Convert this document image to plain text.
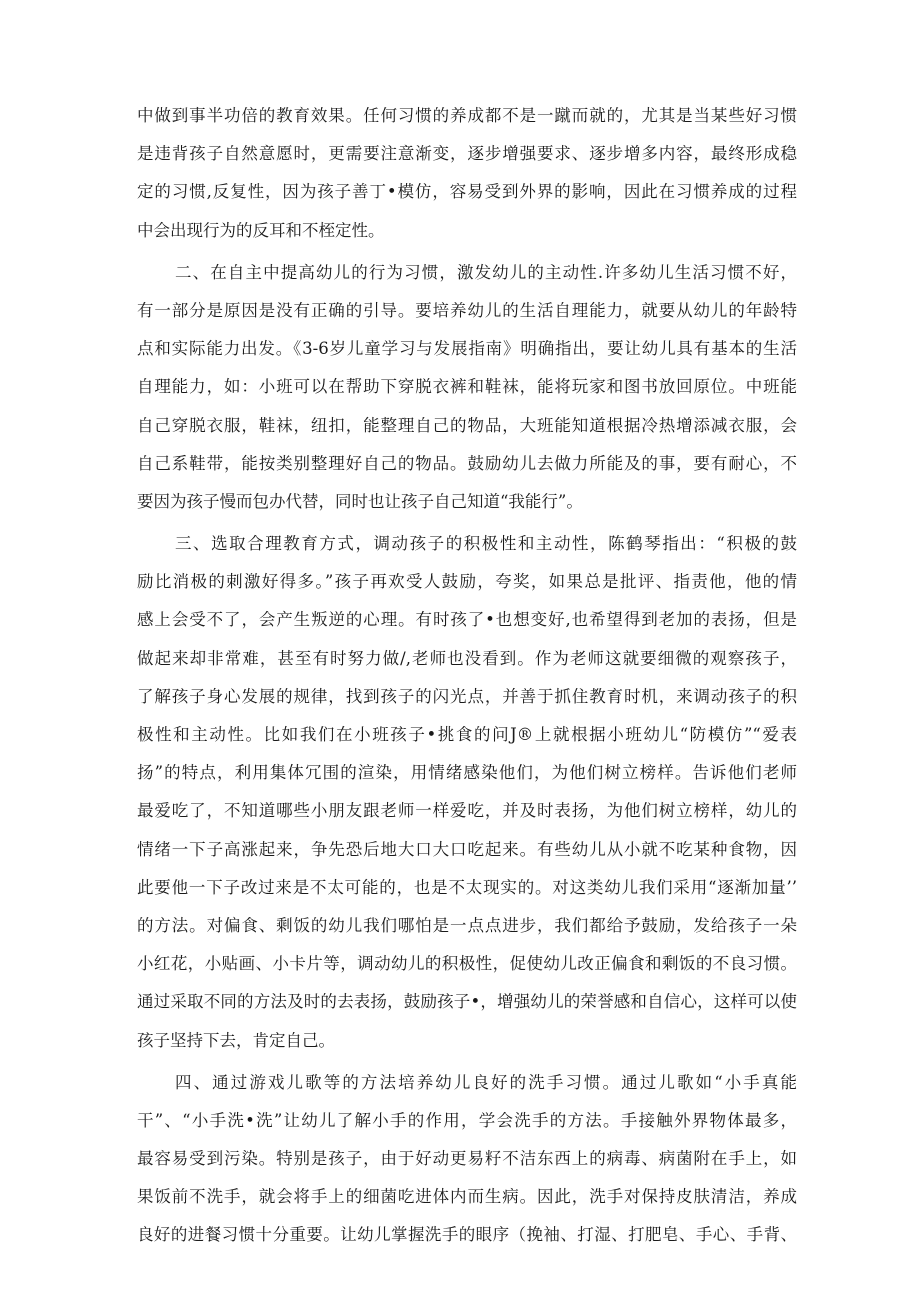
中做到事半功倍的教育效果。任何习惯的养成都不是一蹴而就的，尤其是当某些好习惯
是违背孩子自然意愿时，更需要注意渐变，逐步增强要求、逐步增多内容，最终形成稳
定的习惯,反复性，因为孩子善丁•模仿，容易受到外界的影响，因此在习惯养成的过程
中会出现行为的反耳和不桎定性。
二、在自主中提高幼儿的行为习惯，激发幼儿的主动性.许多幼儿生活习惯不好，
有一部分是原因是没有正确的引导。要培养幼儿的生活自理能力，就要从幼儿的年龄特
点和实际能力出发。《3-6岁儿童学习与发展指南》明确指出，要让幼儿具有基本的生活
自理能力，如：小班可以在帮助下穿脱衣裤和鞋袜，能将玩家和图书放回原位。中班能
自己穿脱衣服，鞋袜，纽扣，能整理自己的物品，大班能知道根据冷热增添减衣服，会
自己系鞋带，能按类别整理好自己的物品。鼓励幼儿去做力所能及的事，要有耐心，不
要因为孩子慢而包办代替，同时也让孩子自己知道“我能行”。
三、选取合理教育方式，调动孩子的积极性和主动性，陈鹤琴指出：“积极的鼓
励比消极的刺激好得多。”孩子再欢受人鼓励，夸奖，如果总是批评、指责他，他的情
感上会受不了，会产生叛逆的心理。有时孩了•也想变好,也希望得到老加的表扬，但是
做起来却非常难，甚至有时努力做/,老师也没看到。作为老师这就要细微的观察孩子，
了解孩子身心发展的规律，找到孩子的闪光点，并善于抓住教育时机，来调动孩子的积
极性和主动性。比如我们在小班孩子•挑食的问J®上就根据小班幼儿“防模仿”“爱表
扬”的特点，利用集体冗围的渲染，用情绪感染他们，为他们树立榜样。告诉他们老师
最爱吃了，不知道哪些小朋友跟老师一样爱吃，并及时表扬，为他们树立榜样，幼儿的
情绪一下子高涨起来，争先恐后地大口大口吃起来。有些幼儿从小就不吃某种食物，因
此要他一下子改过来是不太可能的，也是不太现实的。对这类幼儿我们采用“逐渐加量’’
的方法。对偏食、剩饭的幼儿我们哪怕是一点点进步，我们都给予鼓励，发给孩子一朵
小红花，小贴画、小卡片等，调动幼儿的积极性，促使幼儿改正偏食和剩饭的不良习惯。
通过采取不同的方法及时的去表扬，鼓励孩子•，增强幼儿的荣誉感和自信心，这样可以使
孩子坚持下去，肯定自己。
四、通过游戏儿歌等的方法培养幼儿良好的洗手习惯。通过儿歌如“小手真能
干”、“小手洗•洗”让幼儿了解小手的作用，学会洗手的方法。手接触外界物体最多，
最容易受到污染。特别是孩子，由于好动更易籽不洁东西上的病毒、病菌附在手上，如
果饭前不洗手，就会将手上的细菌吃进体内而生病。因此，洗手对保持皮肤清洁，养成
良好的进餐习惯十分重要。让幼儿掌握洗手的眼序（挽袖、打湿、打肥皂、手心、手背、
